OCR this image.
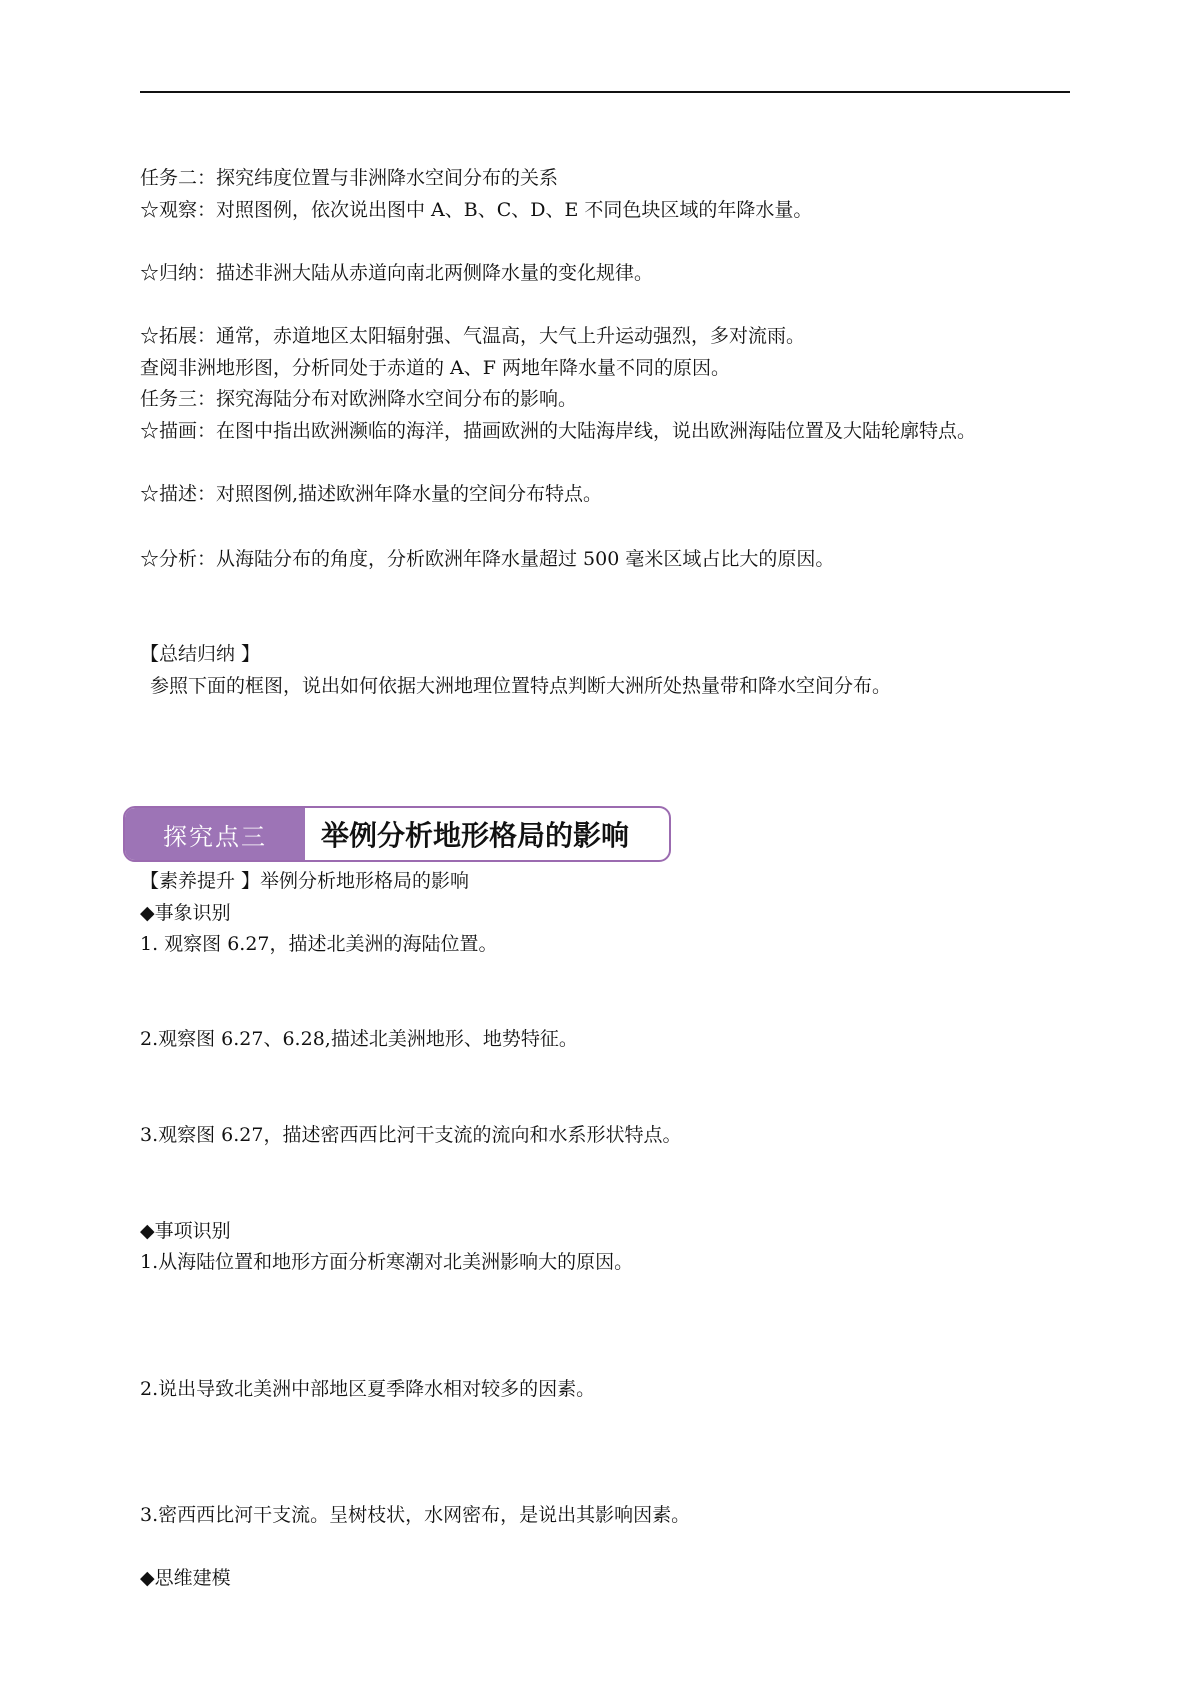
任务二：探究纬度位置与非洲降水空间分布的关系
☆观察：对照图例，依次说出图中 A、B、C、D、E 不同色块区域的年降水量。
☆归纳：描述非洲大陆从赤道向南北两侧降水量的变化规律。
☆拓展：通常，赤道地区太阳辐射强、气温高，大气上升运动强烈，多对流雨。
查阅非洲地形图，分析同处于赤道的 A、F 两地年降水量不同的原因。
任务三：探究海陆分布对欧洲降水空间分布的影响。
☆描画：在图中指出欧洲濒临的海洋，描画欧洲的大陆海岸线，说出欧洲海陆位置及大陆轮廓特点。
☆描述：对照图例,描述欧洲年降水量的空间分布特点。
☆分析：从海陆分布的角度，分析欧洲年降水量超过 500 毫米区域占比大的原因。
【总结归纳 】
参照下面的框图，说出如何依据大洲地理位置特点判断大洲所处热量带和降水空间分布。
探究点三	举例分析地形格局的影响
【素养提升 】举例分析地形格局的影响
◆事象识别
1. 观察图 6.27，描述北美洲的海陆位置。
2.观察图 6.27、6.28,描述北美洲地形、地势特征。
3.观察图 6.27，描述密西西比河干支流的流向和水系形状特点。
◆事项识别
1.从海陆位置和地形方面分析寒潮对北美洲影响大的原因。
2.说出导致北美洲中部地区夏季降水相对较多的因素。
3.密西西比河干支流。呈树枝状，水网密布，是说出其影响因素。
◆思维建模
